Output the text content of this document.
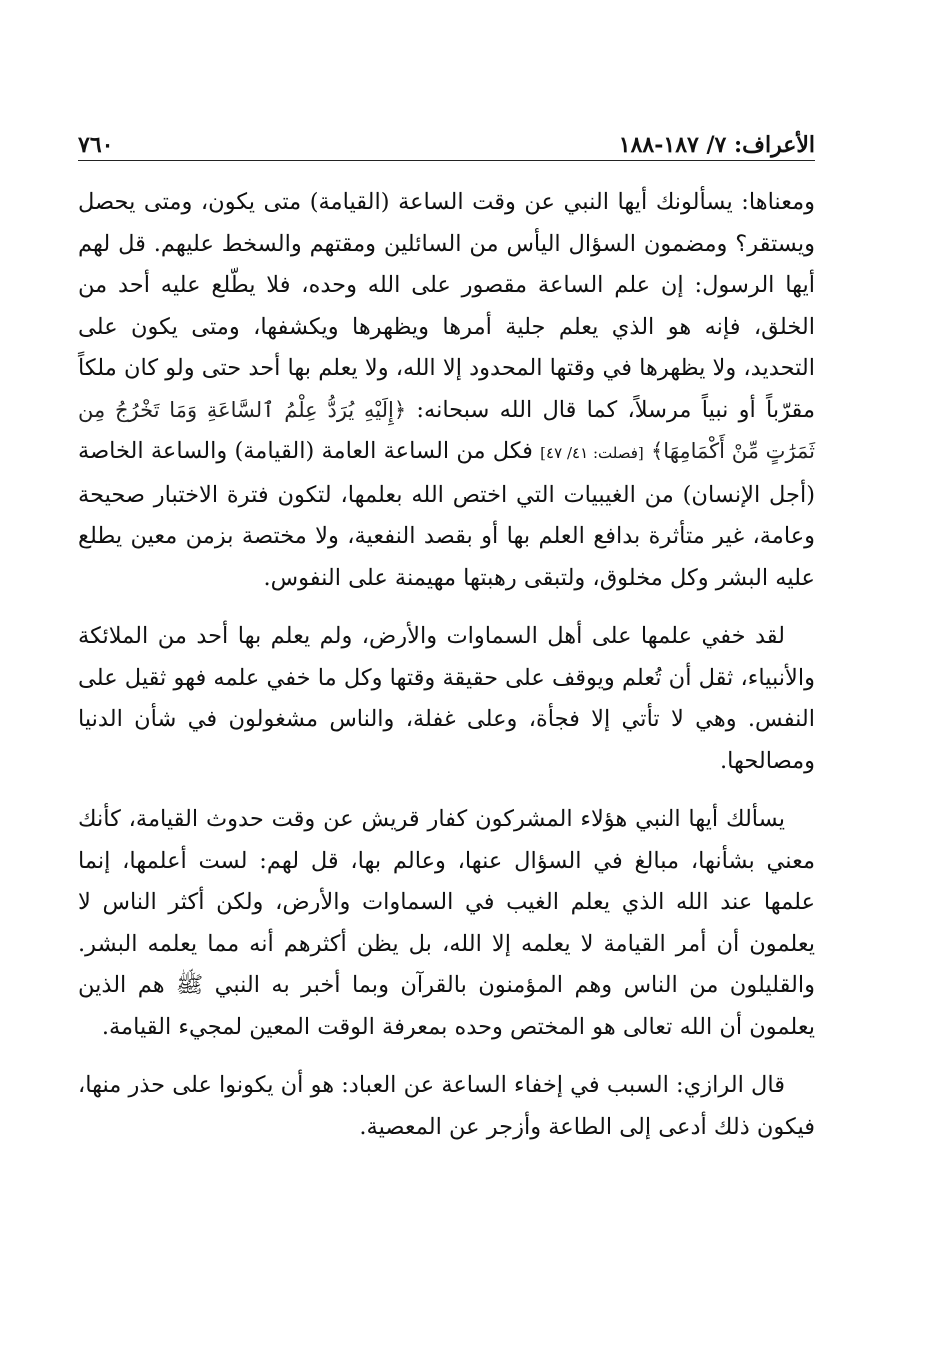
الأعراف: ٧/ ١٨٧-١٨٨
٧٦٠

ومعناها: يسألونك أيها النبي عن وقت الساعة (القيامة) متى يكون، ومتى يحصل ويستقر؟ ومضمون السؤال اليأس من السائلين ومقتهم والسخط عليهم. قل لهم أيها الرسول: إن علم الساعة مقصور على الله وحده، فلا يطّلع عليه أحد من الخلق، فإنه هو الذي يعلم جلية أمرها ويظهرها ويكشفها، ومتى يكون على التحديد، ولا يظهرها في وقتها المحدود إلا الله، ولا يعلم بها أحد حتى ولو كان ملكاً مقرّباً أو نبياً مرسلاً، كما قال الله سبحانه: ﴿إِلَيْهِ يُرَدُّ عِلْمُ ٱلسَّاعَةِ وَمَا تَخْرُجُ مِن ثَمَرَٰتٍ مِّنْ أَكْمَامِهَا﴾ [فصلت: ٤١/ ٤٧] فكل من الساعة العامة (القيامة) والساعة الخاصة (أجل الإنسان) من الغيبيات التي اختص الله بعلمها، لتكون فترة الاختبار صحيحة وعامة، غير متأثرة بدافع العلم بها أو بقصد النفعية، ولا مختصة بزمن معين يطلع عليه البشر وكل مخلوق، ولتبقى رهبتها مهيمنة على النفوس.

لقد خفي علمها على أهل السماوات والأرض، ولم يعلم بها أحد من الملائكة والأنبياء، ثقل أن تُعلم ويوقف على حقيقة وقتها وكل ما خفي علمه فهو ثقيل على النفس. وهي لا تأتي إلا فجأة، وعلى غفلة، والناس مشغولون في شأن الدنيا ومصالحها.

يسألك أيها النبي هؤلاء المشركون كفار قريش عن وقت حدوث القيامة، كأنك معني بشأنها، مبالغ في السؤال عنها، وعالم بها، قل لهم: لست أعلمها، إنما علمها عند الله الذي يعلم الغيب في السماوات والأرض، ولكن أكثر الناس لا يعلمون أن أمر القيامة لا يعلمه إلا الله، بل يظن أكثرهم أنه مما يعلمه البشر. والقليلون من الناس وهم المؤمنون بالقرآن وبما أخبر به النبي ﷺ هم الذين يعلمون أن الله تعالى هو المختص وحده بمعرفة الوقت المعين لمجيء القيامة.

قال الرازي: السبب في إخفاء الساعة عن العباد: هو أن يكونوا على حذر منها، فيكون ذلك أدعى إلى الطاعة وأزجر عن المعصية.
